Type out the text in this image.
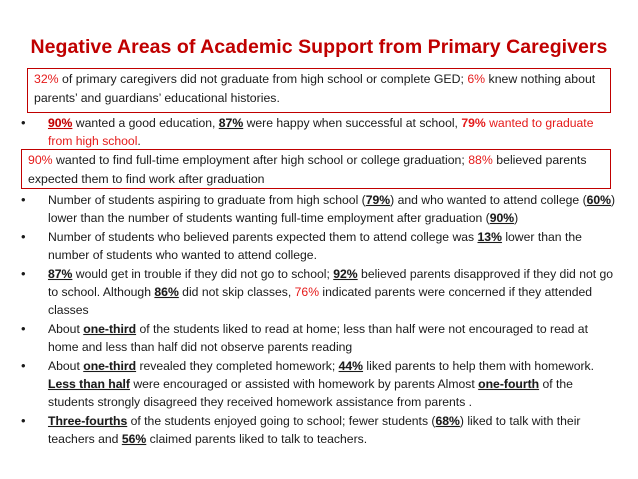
Negative Areas of Academic Support from Primary Caregivers
32% of primary caregivers did not graduate from high school or complete GED; 6% knew nothing about parents’ and guardians’ educational histories.
• 90% wanted a good education, 87% were happy when successful at school, 79% wanted to graduate from high school.
90% wanted to find full-time employment after high school or college graduation; 88% believed parents expected them to find work after graduation
• Number of students aspiring to graduate from high school (79%) and who wanted to attend college (60%) lower than the number of students wanting full-time employment after graduation (90%)
• Number of students who believed parents expected them to attend college was 13% lower than the number of students who wanted to attend college.
• 87% would get in trouble if they did not go to school; 92% believed parents disapproved if they did not go to school. Although 86% did not skip classes, 76% indicated parents were concerned if they attended classes
• About one-third of the students liked to read at home; less than half were not encouraged to read at home and less than half did not observe parents reading
• About one-third revealed they completed homework; 44% liked parents to help them with homework. Less than half were encouraged or assisted with homework by parents Almost one-fourth of the students strongly disagreed they received homework assistance from parents .
• Three-fourths of the students enjoyed going to school; fewer students (68%) liked to talk with their teachers and 56% claimed parents liked to talk to teachers.
